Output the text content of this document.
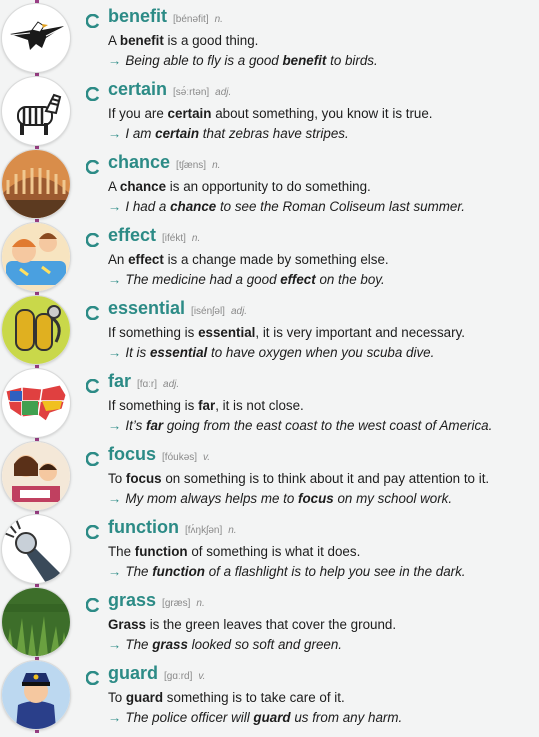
benefit [bénəfit] n.
A benefit is a good thing.
→ Being able to fly is a good benefit to birds.
certain [sə́ːrtən] adj.
If you are certain about something, you know it is true.
→ I am certain that zebras have stripes.
chance [tʃæns] n.
A chance is an opportunity to do something.
→ I had a chance to see the Roman Coliseum last summer.
effect [ifékt] n.
An effect is a change made by something else.
→ The medicine had a good effect on the boy.
essential [isénʃəl] adj.
If something is essential, it is very important and necessary.
→ It is essential to have oxygen when you scuba dive.
far [fɑːr] adj.
If something is far, it is not close.
→ It’s far going from the east coast to the west coast of America.
focus [fóukəs] v.
To focus on something is to think about it and pay attention to it.
→ My mom always helps me to focus on my school work.
function [fʌ́ŋkʃən] n.
The function of something is what it does.
→ The function of a flashlight is to help you see in the dark.
grass [græs] n.
Grass is the green leaves that cover the ground.
→ The grass looked so soft and green.
guard [gɑːrd] v.
To guard something is to take care of it.
→ The police officer will guard us from any harm.
